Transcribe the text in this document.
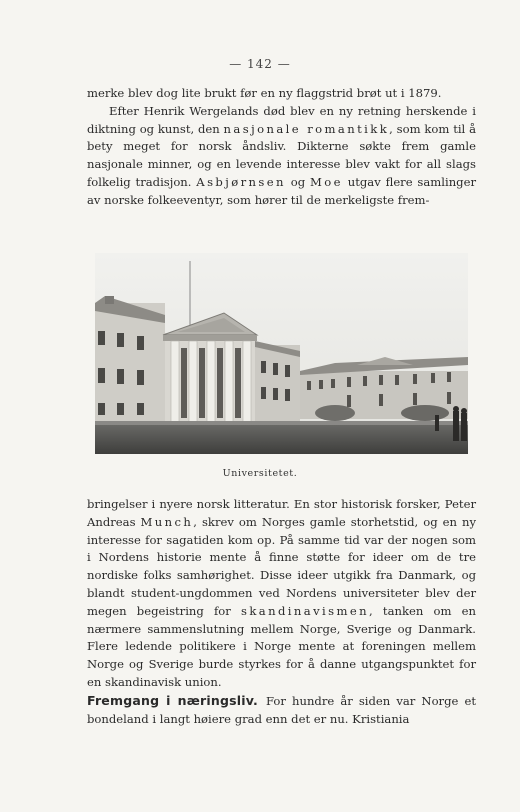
— 142 —

merke blev dog lite brukt før en ny flaggstrid brøt ut i 1879.

Efter Henrik Wergelands død blev en ny retning herskende i diktning og kunst, den nasjonale romantikk, som kom til å bety meget for norsk åndsliv. Dikterne søkte frem gamle nasjonale minner, og en levende interesse blev vakt for all slags folkelig tradisjon. Asbjørnsen og Moe utgav flere samlinger av norske folkeeventyr, som hører til de merkeligste frem-

Universitetet.

bringelser i nyere norsk litteratur. En stor historisk forsker, Peter Andreas Munch, skrev om Norges gamle storhetstid, og en ny interesse for sagatiden kom op. På samme tid var der nogen som i Nordens historie mente å finne støtte for ideer om de tre nordiske folks samhørighet. Disse ideer utgikk fra Danmark, og blandt student-ungdommen ved Nordens universiteter blev der megen begeistring for skandinavismen, tanken om en nærmere sammenslutning mellem Norge, Sverige og Danmark. Flere ledende politikere i Norge mente at foreningen mellem Norge og Sverige burde styrkes for å danne utgangspunktet for en skandinavisk union.

Fremgang i næringsliv. For hundre år siden var Norge et bondeland i langt høiere grad enn det er nu. Kristiania
